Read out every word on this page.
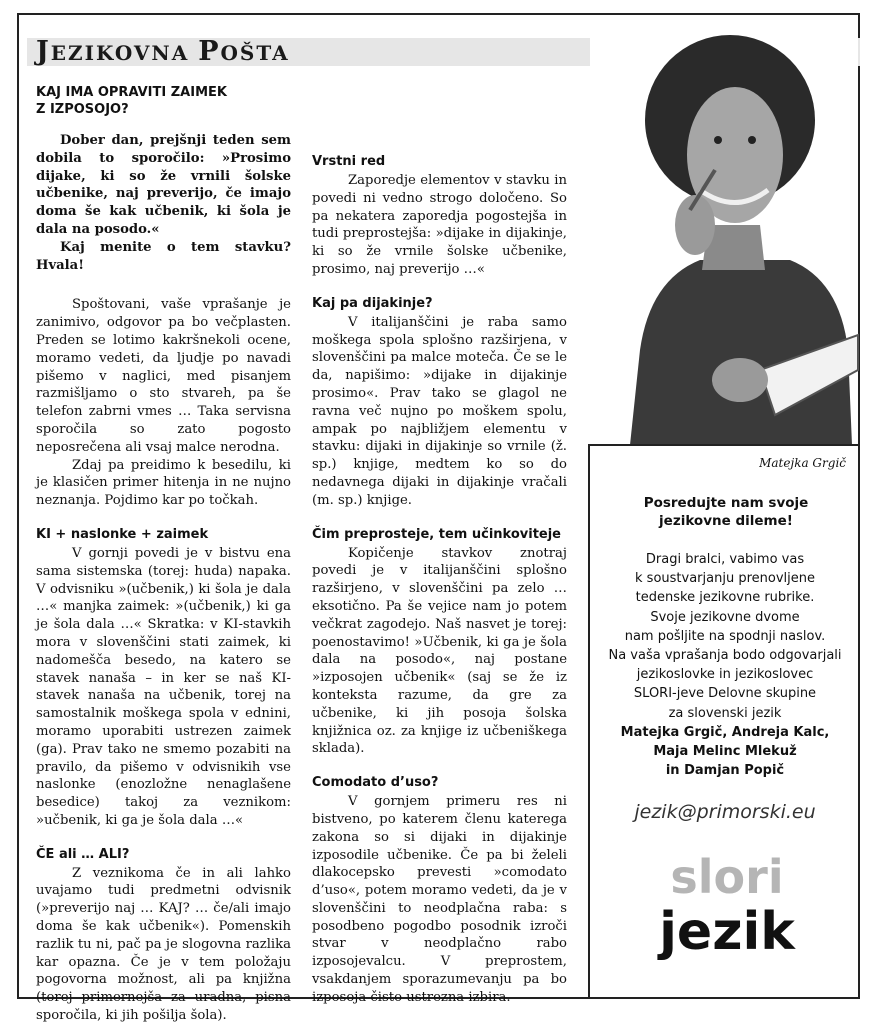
JEZIKOVNA POŠTA
KAJ IMA OPRAVITI ZAIMEK
Z IZPOSOJO?

Dober dan, prejšnji teden sem dobila to sporočilo: »Prosimo dijake, ki so že vrnili šolske učbenike, naj preverijo, če imajo doma še kak učbenik, ki šola je dala na posodo.«

Kaj menite o tem stavku? Hvala!

Spoštovani, vaše vprašanje je zanimivo, odgovor pa bo večplasten. Preden se lotimo kakršnekoli ocene, moramo vedeti, da ljudje po navadi pišemo v naglici, med pisanjem razmišljamo o sto stvareh, pa še telefon zabrni vmes … Taka servisna sporočila so zato pogosto neposrečena ali vsaj malce nerodna.

Zdaj pa preidimo k besedilu, ki je klasičen primer hitenja in ne nujno neznanja. Pojdimo kar po točkah.

KI + naslonke + zaimek

V gornji povedi je v bistvu ena sama sistemska (torej: huda) napaka. V odvisniku »(učbenik,) ki šola je dala …« manjka zaimek: »(učbenik,) ki ga je šola dala …« Skratka: v KI-stavkih mora v slovenščini stati zaimek, ki nadomešča besedo, na katero se stavek nanaša – in ker se naš KI-stavek nanaša na učbenik, torej na samostalnik moškega spola v ednini, moramo uporabiti ustrezen zaimek (ga). Prav tako ne smemo pozabiti na pravilo, da pišemo v odvisnikih vse naslonke (enozložne nenaglašene besedice) takoj za veznikom: »učbenik, ki ga je šola dala …«

ČE ali … ALI?

Z veznikoma če in ali lahko uvajamo tudi predmetni odvisnik (»preverijo naj … KAJ? … če/ali imajo doma še kak učbenik«). Pomenskih razlik tu ni, pač pa je slogovna razlika kar opazna. Če je v tem položaju pogovorna možnost, ali pa knjižna (torej primernejša za uradna, pisna sporočila, ki jih pošilja šola).

Vrstni red

Zaporedje elementov v stavku in povedi ni vedno strogo določeno. So pa nekatera zaporedja pogostejša in tudi preprostejša: »dijake in dijakinje, ki so že vrnile šolske učbenike, prosimo, naj preverijo …«

Kaj pa dijakinje?

V italijanščini je raba samo moškega spola splošno razširjena, v slovenščini pa malce moteča. Če se le da, napišimo: »dijake in dijakinje prosimo«. Prav tako se glagol ne ravna več nujno po moškem spolu, ampak po najbližjem elementu v stavku: dijaki in dijakinje so vrnile (ž. sp.) knjige, medtem ko so do nedavnega dijaki in dijakinje vračali (m. sp.) knjige.

Čim preprosteje, tem učinkoviteje

Kopičenje stavkov znotraj povedi je v italijanščini splošno razširjeno, v slovenščini pa zelo … eksotično. Pa še vejice nam jo potem večkrat zagodejo. Naš nasvet je torej: poenostavimo! »Učbenik, ki ga je šola dala na posodo«, naj postane »izposojen učbenik« (saj se že iz konteksta razume, da gre za učbenike, ki jih posoja šolska knjižnica oz. za knjige iz učbeniškega sklada).

Comodato d’uso?

V gornjem primeru res ni bistveno, po katerem členu katerega zakona so si dijaki in dijakinje izposodile učbenike. Če pa bi želeli dlakocepsko prevesti »comodato d’uso«, potem moramo vedeti, da je v slovenščini to neodplačna raba: s posodbeno pogodbo posodnik izroči stvar v neodplačno rabo izposojevalcu. V preprostem, vsakdanjem sporazumevanju pa bo izposoja čisto ustrezna izbira.

Matejka Grgič
Posredujte nam svoje
jezikovne dileme!
Dragi bralci, vabimo vas
k soustvarjanju prenovljene
tedenske jezikovne rubrike.
Svoje jezikovne dvome
nam pošljite na spodnji naslov.
Na vaša vprašanja bodo odgovarjali
jezikoslovke in jezikoslovec
SLORI-jeve Delovne skupine
za slovenski jezik
Matejka Grgič, Andreja Kalc,
Maja Melinc Mlekuž
in Damjan Popič
jezik@primorski.eu
slori
jezik
